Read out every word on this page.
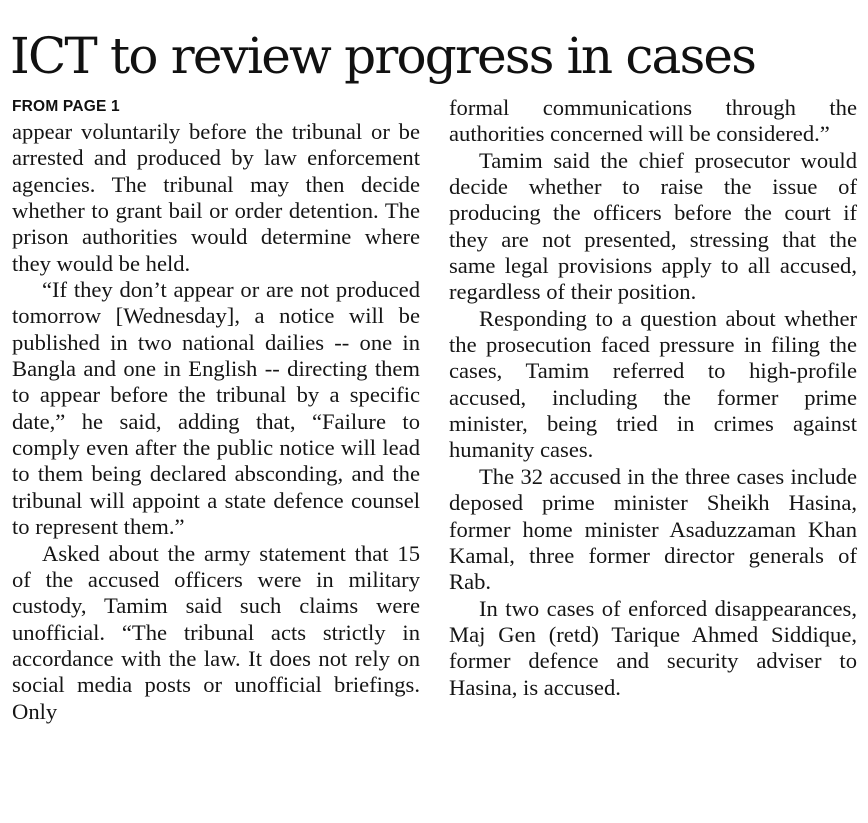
ICT to review progress in cases
FROM PAGE 1

appear voluntarily before the tribunal or be arrested and produced by law enforcement agencies. The tribunal may then decide whether to grant bail or order detention. The prison authorities would determine where they would be held.

“If they don’t appear or are not produced tomorrow [Wednesday], a notice will be published in two national dailies -- one in Bangla and one in English -- directing them to appear before the tribunal by a specific date,” he said, adding that, “Failure to comply even after the public notice will lead to them being declared absconding, and the tribunal will appoint a state defence counsel to represent them.”

Asked about the army statement that 15 of the accused officers were in military custody, Tamim said such claims were unofficial. “The tribunal acts strictly in accordance with the law. It does not rely on social media posts or unofficial briefings. Only

formal communications through the authorities concerned will be considered.”

Tamim said the chief prosecutor would decide whether to raise the issue of producing the officers before the court if they are not presented, stressing that the same legal provisions apply to all accused, regardless of their position.

Responding to a question about whether the prosecution faced pressure in filing the cases, Tamim referred to high-profile accused, including the former prime minister, being tried in crimes against humanity cases.

The 32 accused in the three cases include deposed prime minister Sheikh Hasina, former home minister Asaduzzaman Khan Kamal, three former director generals of Rab.

In two cases of enforced disappearances, Maj Gen (retd) Tarique Ahmed Siddique, former defence and security adviser to Hasina, is accused.
